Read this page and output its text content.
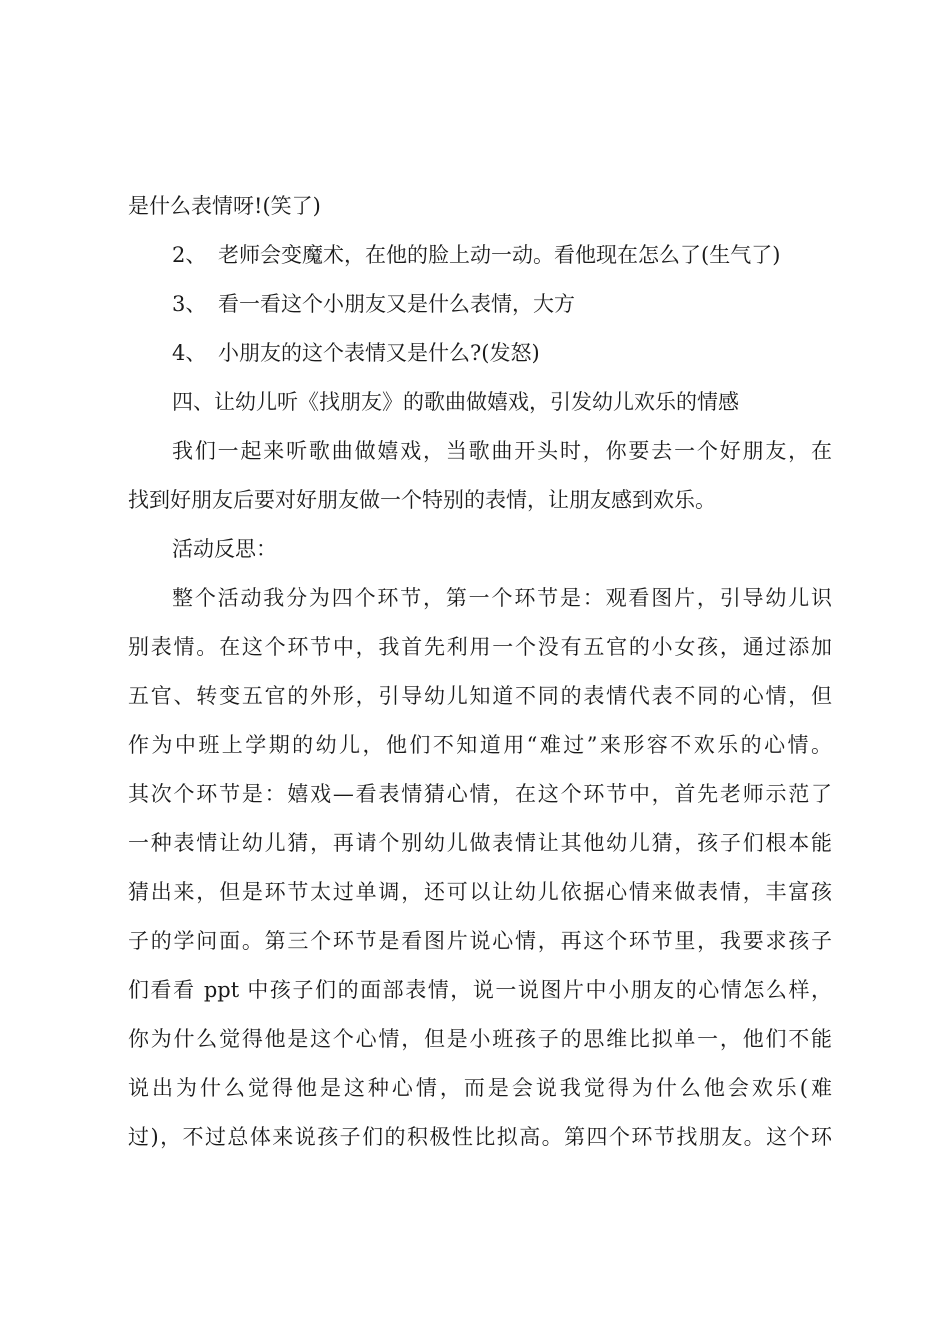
是什么表情呀!(笑了)
2、 老师会变魔术，在他的脸上动一动。看他现在怎么了(生气了)
3、 看一看这个小朋友又是什么表情，大方
4、 小朋友的这个表情又是什么?(发怒)
四、让幼儿听《找朋友》的歌曲做嬉戏，引发幼儿欢乐的情感
我们一起来听歌曲做嬉戏，当歌曲开头时，你要去一个好朋友，在
找到好朋友后要对好朋友做一个特别的表情，让朋友感到欢乐。
活动反思：
整个活动我分为四个环节，第一个环节是：观看图片，引导幼儿识
别表情。在这个环节中，我首先利用一个没有五官的小女孩，通过添加
五官、转变五官的外形，引导幼儿知道不同的表情代表不同的心情，但
作为中班上学期的幼儿，他们不知道用“难过”来形容不欢乐的心情。
其次个环节是：嬉戏—看表情猜心情，在这个环节中，首先老师示范了
一种表情让幼儿猜，再请个别幼儿做表情让其他幼儿猜，孩子们根本能
猜出来，但是环节太过单调，还可以让幼儿依据心情来做表情，丰富孩
子的学问面。第三个环节是看图片说心情，再这个环节里，我要求孩子
们看看 ppt 中孩子们的面部表情，说一说图片中小朋友的心情怎么样，
你为什么觉得他是这个心情，但是小班孩子的思维比拟单一，他们不能
说出为什么觉得他是这种心情，而是会说我觉得为什么他会欢乐(难
过)，不过总体来说孩子们的积极性比拟高。第四个环节找朋友。这个环
